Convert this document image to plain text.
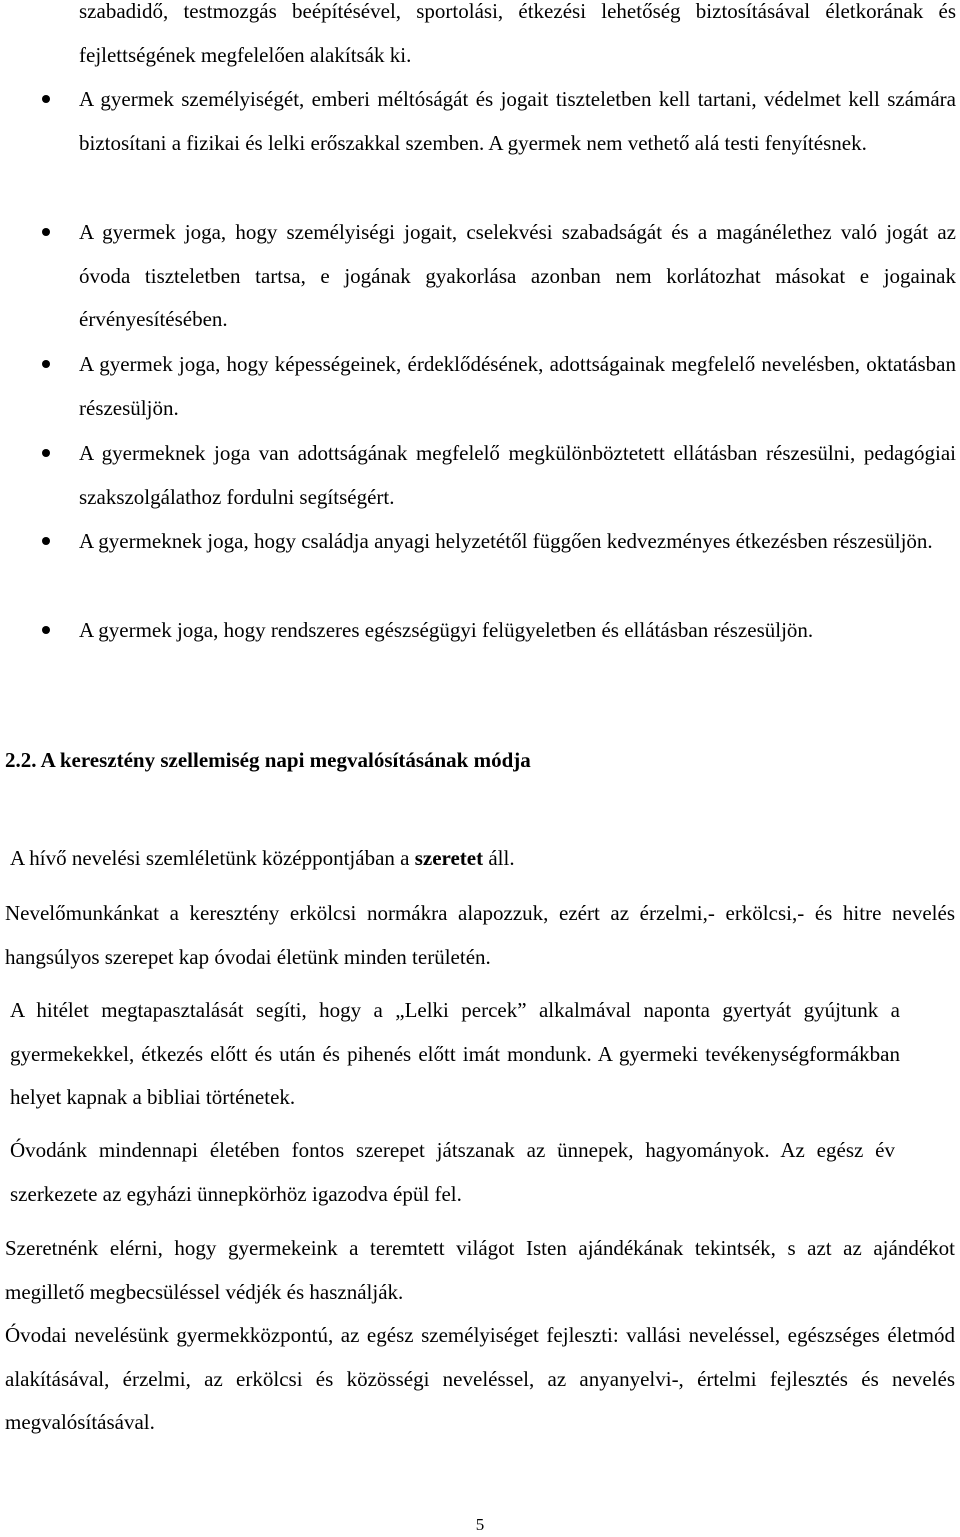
szabadidő, testmozgás beépítésével, sportolási, étkezési lehetőség biztosításával életkorának és fejlettségének megfelelően alakítsák ki.
A gyermek személyiségét, emberi méltóságát és jogait tiszteletben kell tartani, védelmet kell számára biztosítani a fizikai és lelki erőszakkal szemben. A gyermek nem vethető alá testi fenyítésnek.
A gyermek joga, hogy személyiségi jogait, cselekvési szabadságát és a magánélethez való jogát az óvoda tiszteletben tartsa, e jogának gyakorlása azonban nem korlátozhat másokat e jogainak érvényesítésében.
A gyermek joga, hogy képességeinek, érdeklődésének, adottságainak megfelelő nevelésben, oktatásban részesüljön.
A gyermeknek joga van adottságának megfelelő megkülönböztetett ellátásban részesülni, pedagógiai szakszolgálathoz fordulni segítségért.
A gyermeknek joga, hogy családja anyagi helyzetétől függően kedvezményes étkezésben részesüljön.
A gyermek joga, hogy rendszeres egészségügyi felügyeletben és ellátásban részesüljön.
2.2. A keresztény szellemiség napi megvalósításának módja
A hívő nevelési szemléletünk középpontjában a szeretet áll.
Nevelőmunkánkat a keresztény erkölcsi normákra alapozzuk, ezért az érzelmi,- erkölcsi,- és hitre nevelés hangsúlyos szerepet kap óvodai életünk minden területén.
A hitélet megtapasztalását segíti, hogy a „Lelki percek” alkalmával naponta gyertyát gyújtunk a gyermekekkel, étkezés előtt és után és pihenés előtt imát mondunk. A gyermeki tevékenységformákban helyet kapnak a bibliai történetek.
Óvodánk mindennapi életében fontos szerepet játszanak az ünnepek, hagyományok. Az egész év szerkezete az egyházi ünnepkörhöz igazodva épül fel.
Szeretnénk elérni, hogy gyermekeink a teremtett világot Isten ajándékának tekintsék, s azt az ajándékot megillető megbecsüléssel védjék és használják.
Óvodai nevelésünk gyermekközpontú, az egész személyiséget fejleszti: vallási neveléssel, egészséges életmód alakításával, érzelmi, az erkölcsi és közösségi neveléssel, az anyanyelvi-, értelmi fejlesztés és nevelés megvalósításával.
5
